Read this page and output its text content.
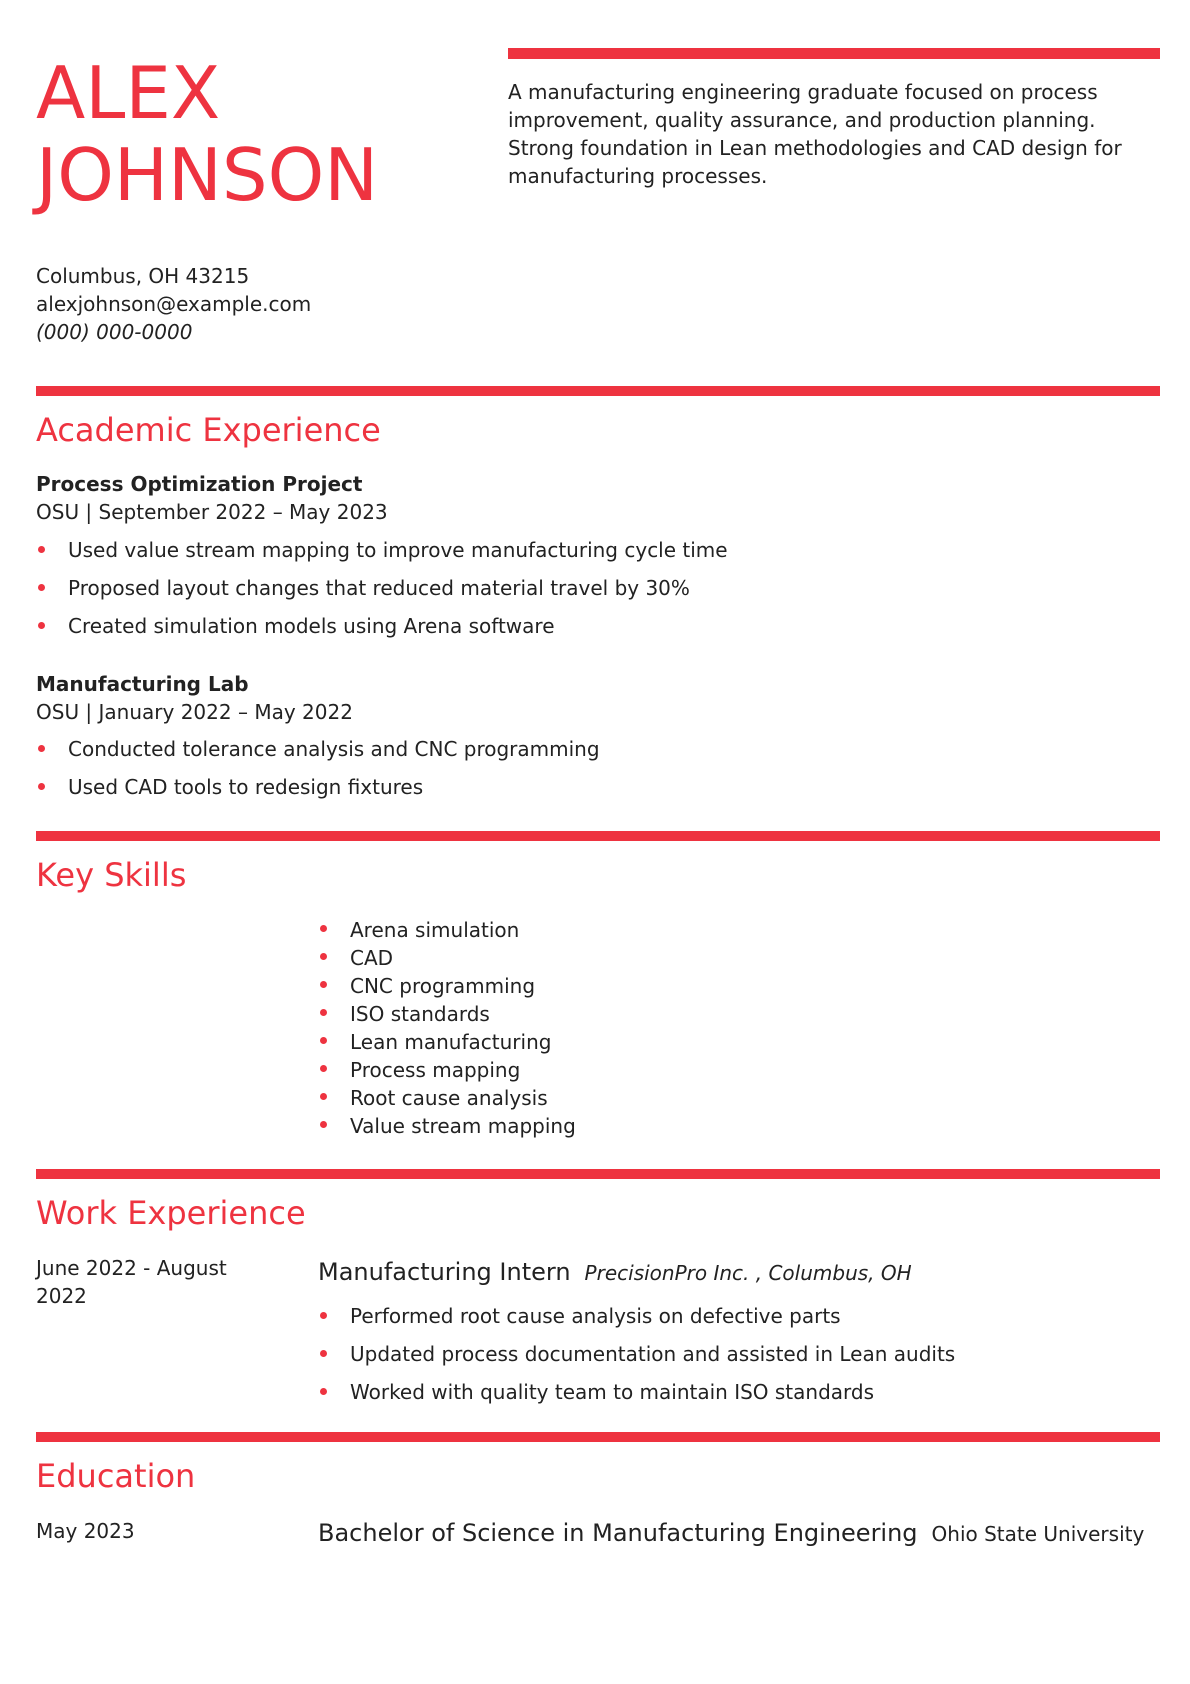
ALEX
JOHNSON

A manufacturing engineering graduate focused on process improvement, quality assurance, and production planning. Strong foundation in Lean methodologies and CAD design for manufacturing processes.

Columbus, OH 43215
alexjohnson@example.com
(000) 000-0000
Academic Experience
Process Optimization Project
OSU | September 2022 – May 2023
Used value stream mapping to improve manufacturing cycle time
Proposed layout changes that reduced material travel by 30%
Created simulation models using Arena software
Manufacturing Lab
OSU | January 2022 – May 2022
Conducted tolerance analysis and CNC programming
Used CAD tools to redesign fixtures
Key Skills
Arena simulation
CAD
CNC programming
ISO standards
Lean manufacturing
Process mapping
Root cause analysis
Value stream mapping
Work Experience
June 2022 - August 2022
Manufacturing Intern PrecisionPro Inc. , Columbus, OH
Performed root cause analysis on defective parts
Updated process documentation and assisted in Lean audits
Worked with quality team to maintain ISO standards
Education
May 2023	Bachelor of Science in Manufacturing Engineering Ohio State University
